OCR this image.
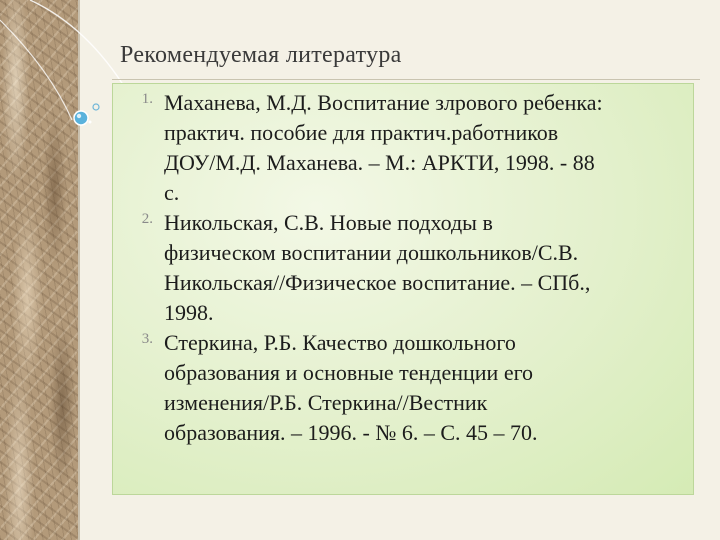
Рекомендуемая литература
1. Маханева, М.Д. Воспитание злрового ребенка:
практич. пособие для практич.работников
ДОУ/М.Д. Маханева. – М.: АРКТИ, 1998. - 88
с.
2. Никольская, С.В. Новые подходы в
физическом воспитании дошкольников/С.В.
Никольская//Физическое воспитание. – СПб.,
1998.
3. Стеркина, Р.Б. Качество дошкольного
образования и основные тенденции его
изменения/Р.Б. Стеркина//Вестник
образования. – 1996. - № 6. – С. 45 – 70.
